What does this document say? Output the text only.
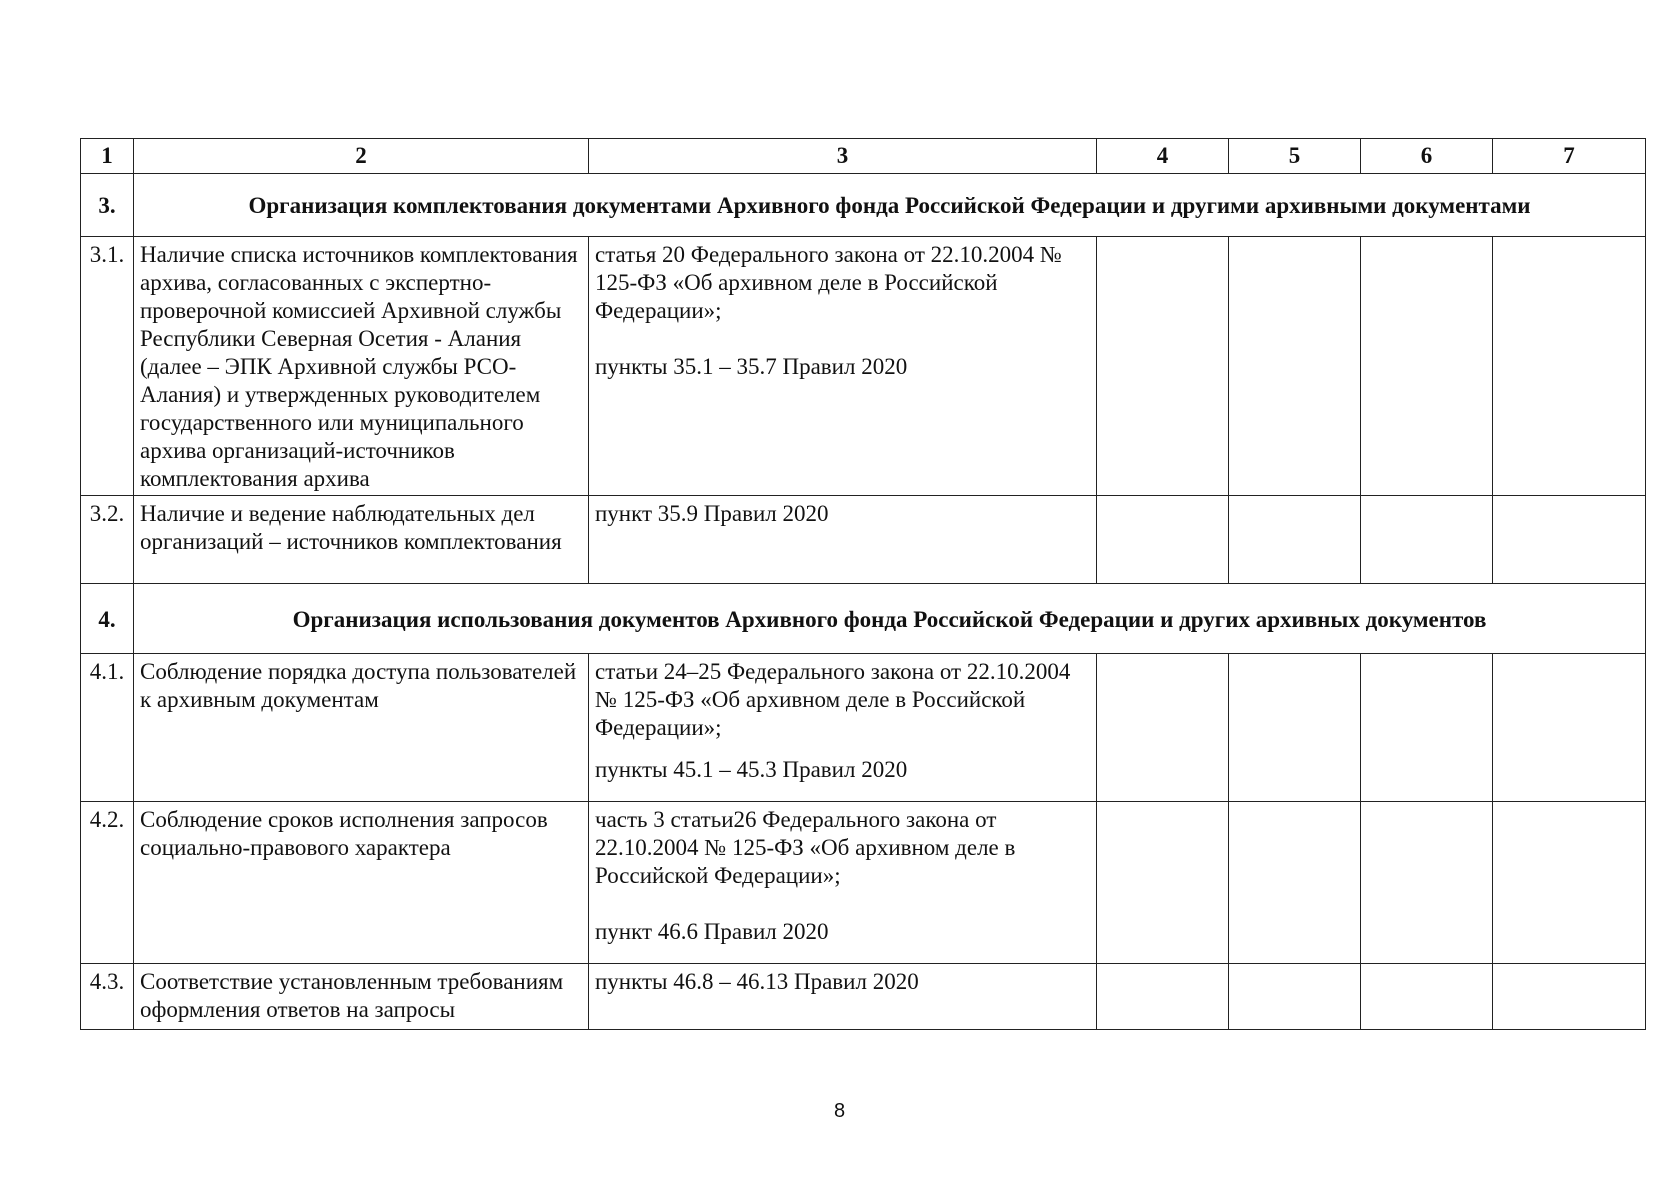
1	2	3	4	5	6	7
3.	Организация комплектования документами Архивного фонда Российской Федерации и другими архивными документами					
3.1.	Наличие списка источников комплектования архива, согласованных с экспертно-проверочной комиссией Архивной службы Республики Северная Осетия - Алания (далее – ЭПК Архивной службы РСО-Алания) и утвержденных руководителем государственного или муниципального архива организаций-источников комплектования архива	статья 20 Федерального закона от 22.10.2004 № 125-ФЗ «Об архивном деле в Российской Федерации»;
пункты 35.1 – 35.7 Правил 2020				

3.2.	Наличие и ведение наблюдательных дел организаций – источников комплектования	пункт 35.9 Правил 2020				

4.	Организация использования документов Архивного фонда Российской Федерации и других архивных документов					
4.1.	Соблюдение порядка доступа пользователей к архивным документам	статьи 24–25 Федерального закона от 22.10.2004 № 125-ФЗ «Об архивном деле в Российской Федерации»;
пункты 45.1 – 45.3 Правил 2020				

4.2.	Соблюдение сроков исполнения запросов социально-правового характера	часть 3 статьи26 Федерального закона от 22.10.2004 № 125-ФЗ «Об архивном деле в Российской Федерации»;
пункт 46.6 Правил 2020				

4.3.	Соответствие установленным требованиям оформления ответов на запросы	пункты 46.8 – 46.13 Правил 2020				

8
